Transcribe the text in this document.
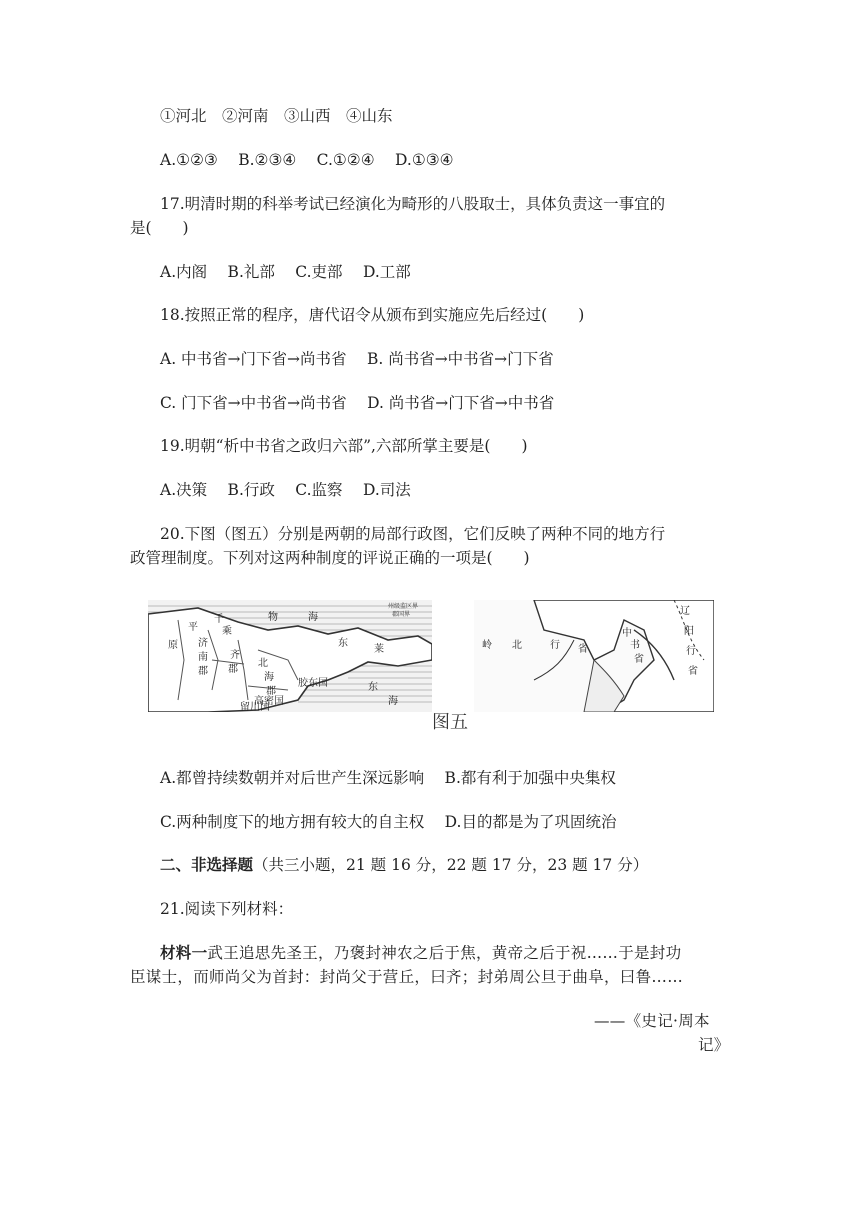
①河北　②河南　③山西　④山东
A.①②③　 B.②③④　 C.①②④　 D.①③④
17.明清时期的科举考试已经演化为畸形的八股取士，具体负责这一事宜的
是(　　)
A.内阁　 B.礼部　 C.吏部　 D.工部
18.按照正常的程序，唐代诏令从颁布到实施应先后经过(　　)
A. 中书省→门下省→尚书省　 B. 尚书省→中书省→门下省
C. 门下省→中书省→尚书省　 D. 尚书省→门下省→中书省
19.明朝“析中书省之政归六部”,六部所掌主要是(　　)
A.决策　 B.行政　 C.监察　 D.司法
20.下图（图五）分别是两朝的局部行政图，它们反映了两种不同的地方行
政管理制度。下列对这两种制度的评说正确的一项是(　　)
平
千
乘
原 济
南
郡
齐
郡
北
海
郡
胶东国
东
莱
物	海
东
海
留川国
高密国
州级监区界
郡国界
岭 北	行 省
中
书
省
辽
阳
行
省
图五
A.都曾持续数朝并对后世产生深远影响　 B.都有利于加强中央集权
C.两种制度下的地方拥有较大的自主权　 D.目的都是为了巩固统治
二、非选择题（共三小题，21 题 16 分，22 题 17 分，23 题 17 分）
21.阅读下列材料：
材料一武王追思先圣王，乃褒封神农之后于焦，黄帝之后于祝……于是封功
臣谋士，而师尚父为首封：封尚父于营丘，曰齐；封弟周公旦于曲阜，曰鲁……
——《史记·周本
记》
